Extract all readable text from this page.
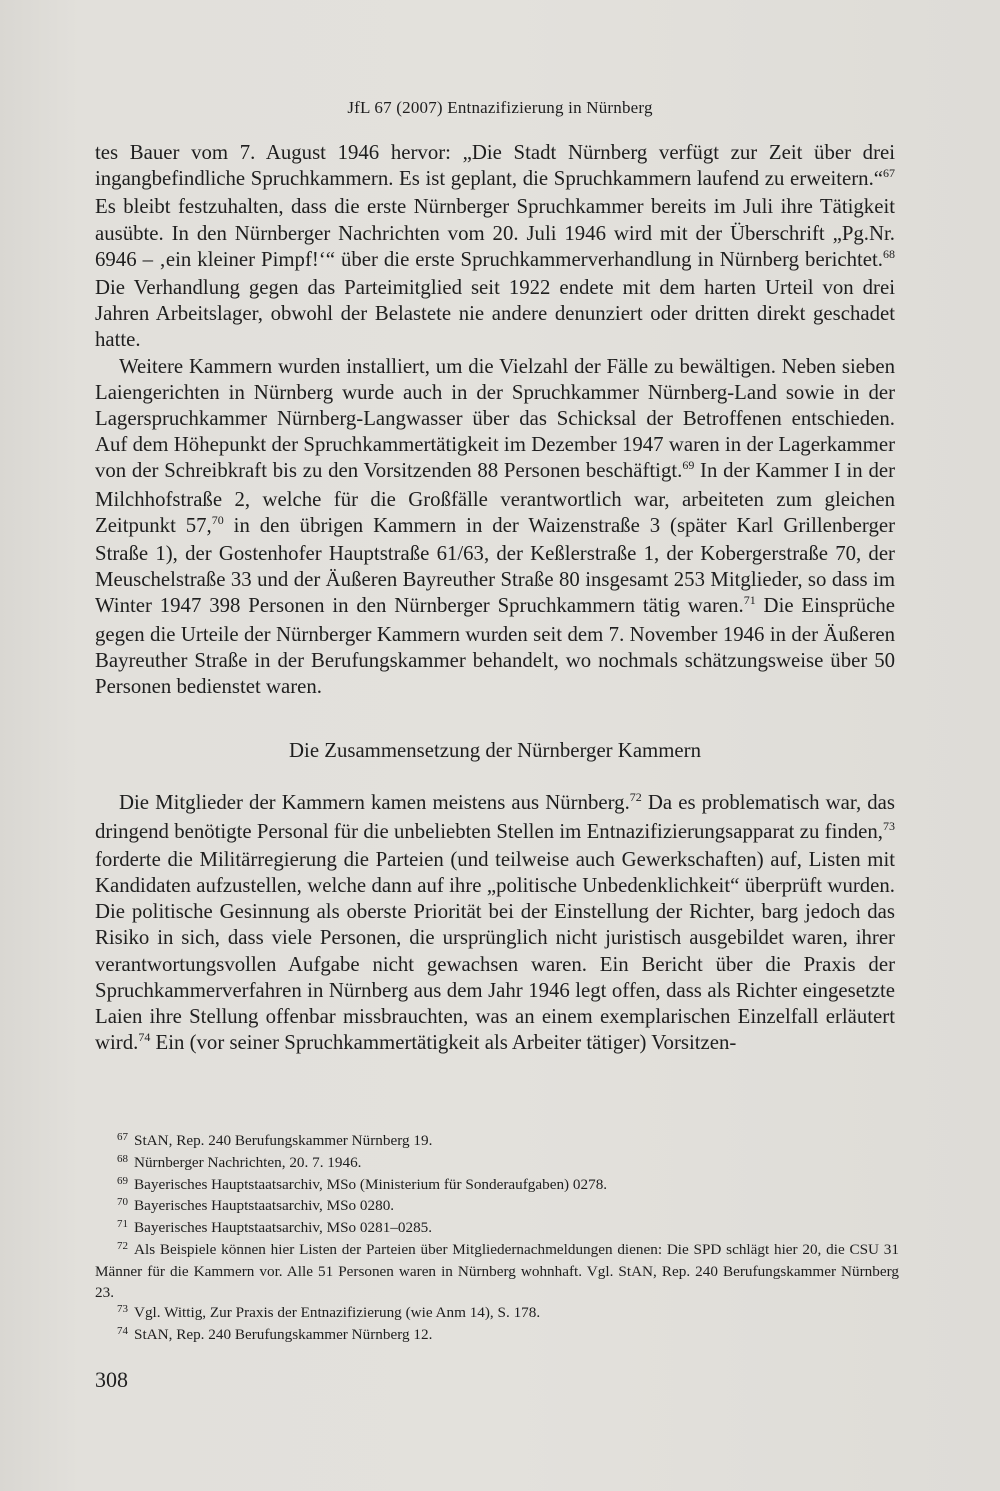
JfL 67 (2007) Entnazifizierung in Nürnberg

tes Bauer vom 7. August 1946 hervor: „Die Stadt Nürnberg verfügt zur Zeit über drei ingangbefindliche Spruchkammern. Es ist geplant, die Spruchkammern laufend zu erweitern.“$^{67}$ Es bleibt festzuhalten, dass die erste Nürnberger Spruchkammer bereits im Juli ihre Tätigkeit ausübte. In den Nürnberger Nachrichten vom 20. Juli 1946 wird mit der Überschrift „Pg.Nr. 6946 – ‚ein kleiner Pimpf!‘“ über die erste Spruchkammerverhandlung in Nürnberg berichtet.$^{68}$ Die Verhandlung gegen das Parteimitglied seit 1922 endete mit dem harten Urteil von drei Jahren Arbeitslager, obwohl der Belastete nie andere denunziert oder dritten direkt geschadet hatte.

Weitere Kammern wurden installiert, um die Vielzahl der Fälle zu bewältigen. Neben sieben Laiengerichten in Nürnberg wurde auch in der Spruchkammer Nürnberg-Land sowie in der Lagerspruchkammer Nürnberg-Langwasser über das Schicksal der Betroffenen entschieden. Auf dem Höhepunkt der Spruchkammertätigkeit im Dezember 1947 waren in der Lagerkammer von der Schreibkraft bis zu den Vorsitzenden 88 Personen beschäftigt.$^{69}$ In der Kammer I in der Milchhofstraße 2, welche für die Großfälle verantwortlich war, arbeiteten zum gleichen Zeitpunkt 57,70 in den übrigen Kammern in der Waizenstraße 3 (später Karl Grillenberger Straße 1), der Gostenhofer Hauptstraße 61/63, der Keßlerstraße 1, der Kobergerstraße 70, der Meuschelstraße 33 und der Äußeren Bayreuther Straße 80 insgesamt 253 Mitglieder, so dass im Winter 1947 398 Personen in den Nürnberger Spruchkammern tätig waren.$^{71}$ Die Einsprüche gegen die Urteile der Nürnberger Kammern wurden seit dem 7. November 1946 in der Äußeren Bayreuther Straße in der Berufungskammer behandelt, wo nochmals schätzungsweise über 50 Personen bedienstet waren.

Die Zusammensetzung der Nürnberger Kammern

Die Mitglieder der Kammern kamen meistens aus Nürnberg.$^{72}$ Da es problematisch war, das dringend benötigte Personal für die unbeliebten Stellen im Entnazifizierungsapparat zu finden,$^{73}$ forderte die Militärregierung die Parteien (und teilweise auch Gewerkschaften) auf, Listen mit Kandidaten aufzustellen, welche dann auf ihre „politische Unbedenklichkeit“ überprüft wurden. Die politische Gesinnung als oberste Priorität bei der Einstellung der Richter, barg jedoch das Risiko in sich, dass viele Personen, die ursprünglich nicht juristisch ausgebildet waren, ihrer verantwortungsvollen Aufgabe nicht gewachsen waren. Ein Bericht über die Praxis der Spruchkammerverfahren in Nürnberg aus dem Jahr 1946 legt offen, dass als Richter eingesetzte Laien ihre Stellung offenbar missbrauchten, was an einem exemplarischen Einzelfall erläutert wird.$^{74}$ Ein (vor seiner Spruchkammertätigkeit als Arbeiter tätiger) Vorsitzen-

$^{67}$ StAN, Rep. 240 Berufungskammer Nürnberg 19.

$^{68}$ Nürnberger Nachrichten, 20. 7. 1946.

$^{69}$ Bayerisches Hauptstaatsarchiv, MSo (Ministerium für Sonderaufgaben) 0278.

$^{70}$ Bayerisches Hauptstaatsarchiv, MSo 0280.

$^{71}$ Bayerisches Hauptstaatsarchiv, MSo 0281–0285.

$^{72}$ Als Beispiele können hier Listen der Parteien über Mitgliedernachmeldungen dienen: Die SPD schlägt hier 20, die CSU 31 Männer für die Kammern vor. Alle 51 Personen waren in Nürnberg wohnhaft. Vgl. StAN, Rep. 240 Berufungskammer Nürnberg 23.

$^{73}$ Vgl. Wittig, Zur Praxis der Entnazifizierung (wie Anm 14), S. 178.

$^{74}$ StAN, Rep. 240 Berufungskammer Nürnberg 12.

308
